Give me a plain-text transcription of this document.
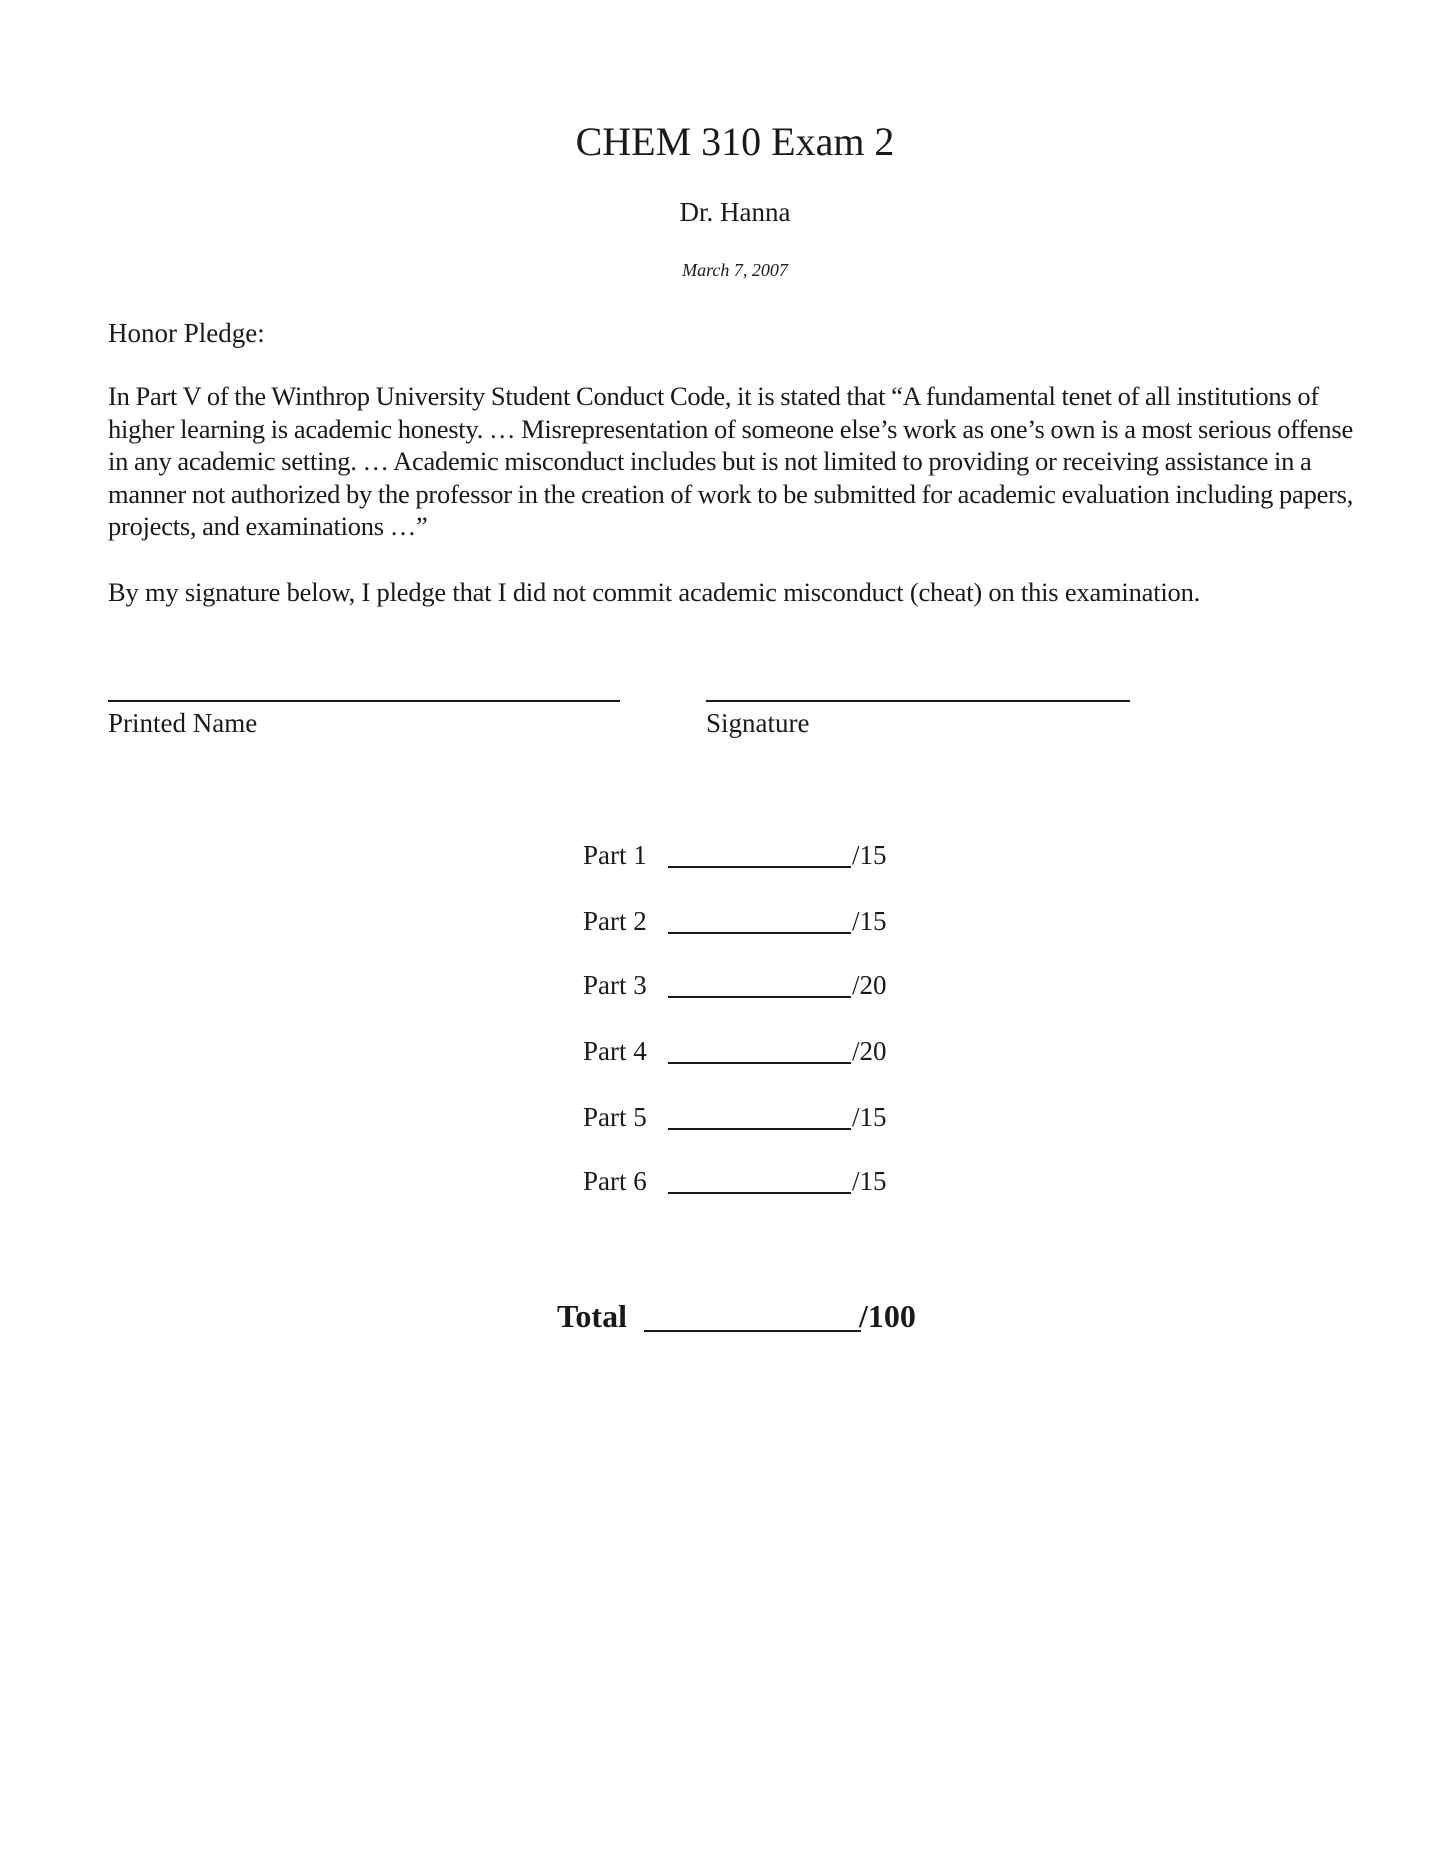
CHEM 310 Exam 2
Dr. Hanna
March 7, 2007
Honor Pledge:
In Part V of the Winthrop University Student Conduct Code, it is stated that “A fundamental tenet of all institutions of higher learning is academic honesty. … Misrepresentation of someone else’s work as one’s own is a most serious offense in any academic setting. … Academic misconduct includes but is not limited to providing or receiving assistance in a manner not authorized by the professor in the creation of work to be submitted for academic evaluation including papers, projects, and examinations …”
By my signature below, I pledge that I did not commit academic misconduct (cheat) on this examination.
Printed Name	Signature
Part 1	/15
Part 2	/15
Part 3	/20
Part 4	/20
Part 5	/15
Part 6	/15
Total	/100
